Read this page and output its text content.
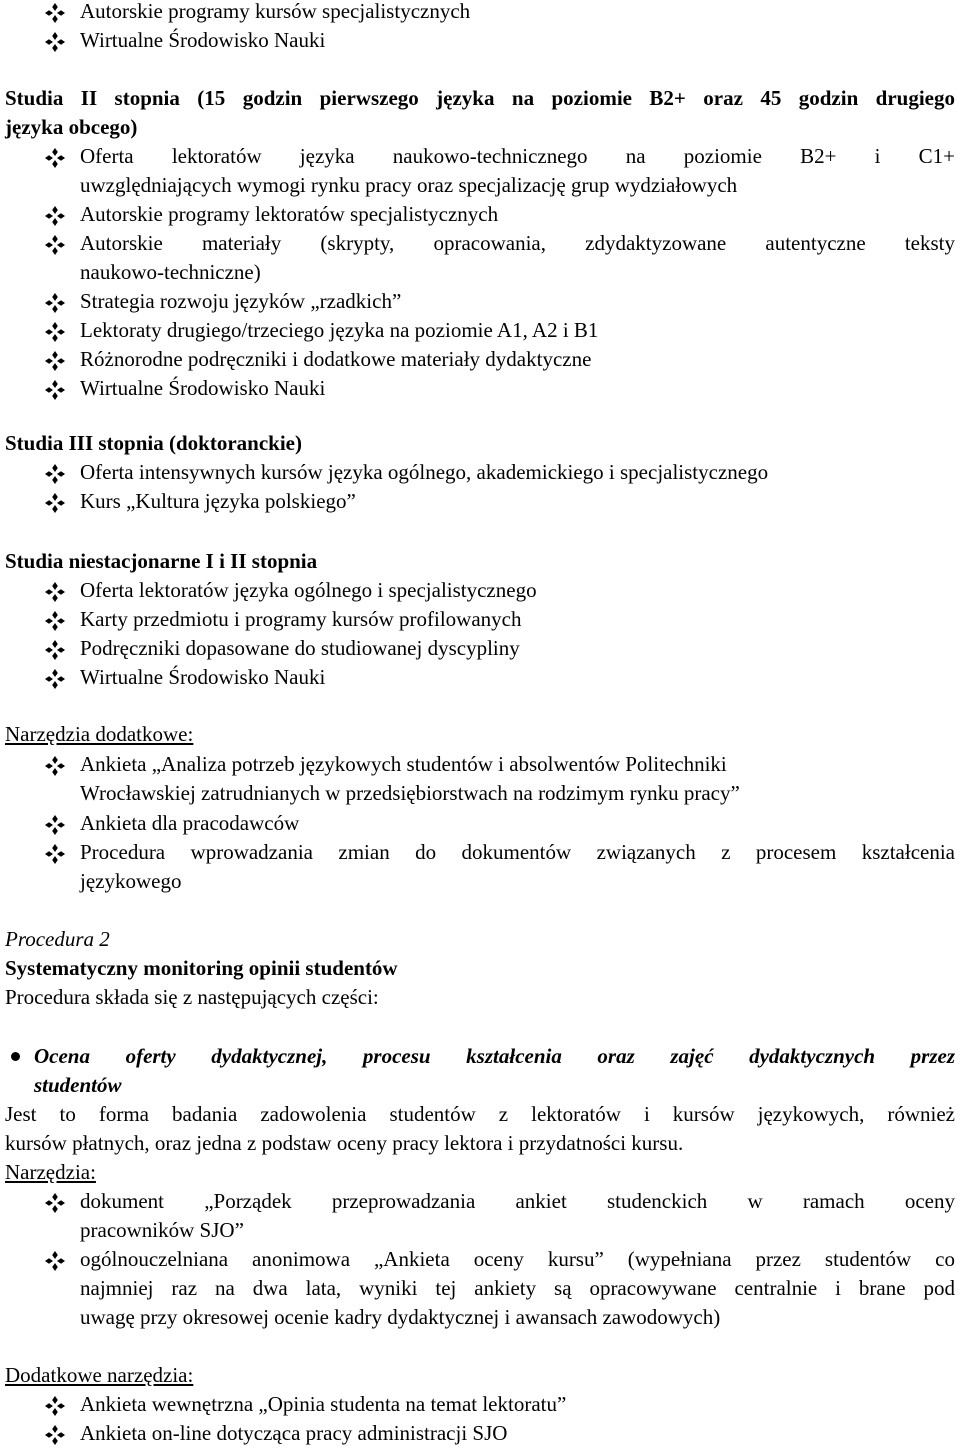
Autorskie programy kursów specjalistycznych
Wirtualne Środowisko Nauki
Studia II stopnia (15 godzin pierwszego języka na poziomie B2+ oraz 45 godzin drugiego
języka obcego)
Oferta lektoratów języka naukowo-technicznego na poziomie B2+ i C1+
uwzględniających wymogi rynku pracy oraz specjalizację grup wydziałowych
Autorskie programy lektoratów specjalistycznych
Autorskie materiały (skrypty, opracowania, zdydaktyzowane autentyczne teksty
naukowo-techniczne)
Strategia rozwoju języków „rzadkich”
Lektoraty drugiego/trzeciego języka na poziomie A1, A2 i B1
Różnorodne podręczniki i dodatkowe materiały dydaktyczne
Wirtualne Środowisko Nauki
Studia III stopnia (doktoranckie)
Oferta intensywnych kursów języka ogólnego, akademickiego i specjalistycznego
Kurs „Kultura języka polskiego”
Studia niestacjonarne I i II stopnia
Oferta lektoratów języka ogólnego i specjalistycznego
Karty przedmiotu i programy kursów profilowanych
Podręczniki dopasowane do studiowanej dyscypliny
Wirtualne Środowisko Nauki
Narzędzia dodatkowe:
Ankieta „Analiza potrzeb językowych studentów i absolwentów Politechniki
Wrocławskiej zatrudnianych w przedsiębiorstwach na rodzimym rynku pracy”
Ankieta dla pracodawców
Procedura wprowadzania zmian do dokumentów związanych z procesem kształcenia
językowego
Procedura 2
Systematyczny monitoring opinii studentów
Procedura składa się z następujących części:
Ocena oferty dydaktycznej, procesu kształcenia oraz zajęć dydaktycznych przez
studentów
Jest to forma badania zadowolenia studentów z lektoratów i kursów językowych, również
kursów płatnych, oraz jedna z podstaw oceny pracy lektora i przydatności kursu.
Narzędzia:
dokument „Porządek przeprowadzania ankiet studenckich w ramach oceny
pracowników SJO”
ogólnouczelniana anonimowa „Ankieta oceny kursu” (wypełniana przez studentów co
najmniej raz na dwa lata, wyniki tej ankiety są opracowywane centralnie i brane pod
uwagę przy okresowej ocenie kadry dydaktycznej i awansach zawodowych)
Dodatkowe narzędzia:
Ankieta wewnętrzna „Opinia studenta na temat lektoratu”
Ankieta on-line dotycząca pracy administracji SJO
